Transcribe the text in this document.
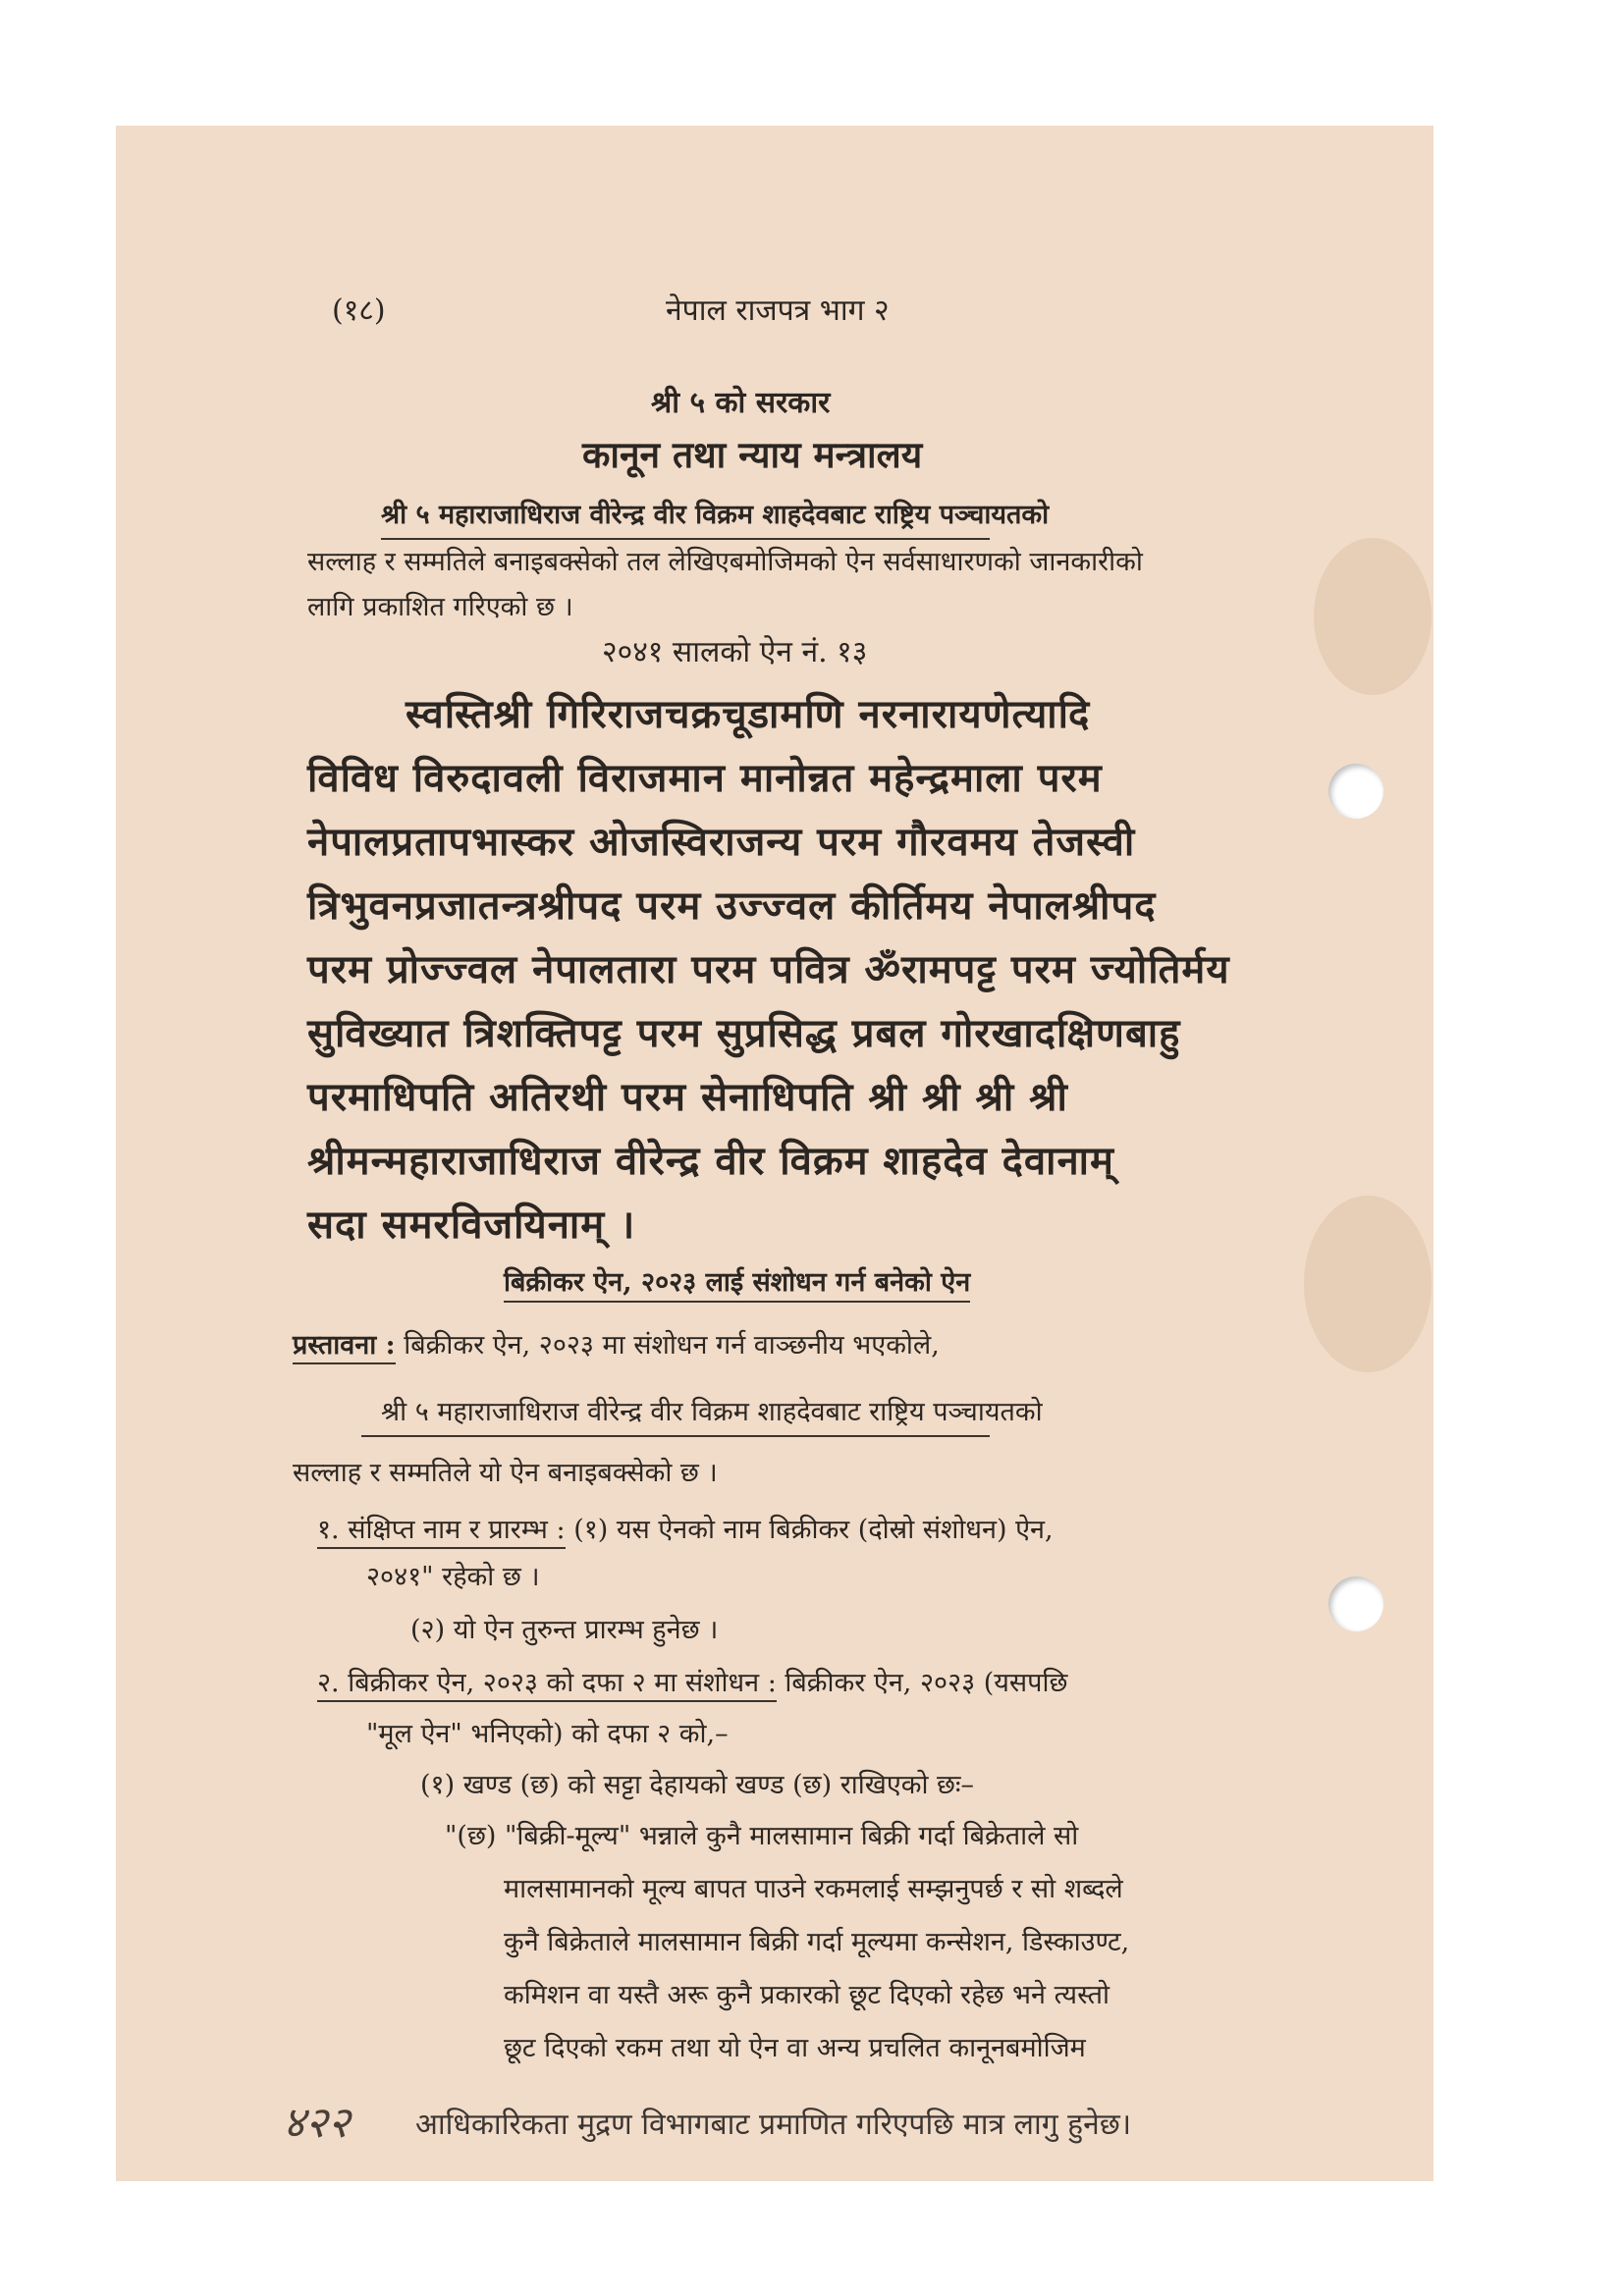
(१८)	नेपाल राजपत्र भाग २
श्री ५ को सरकार
कानून तथा न्याय मन्त्रालय
श्री ५ महाराजाधिराज वीरेन्द्र वीर विक्रम शाहदेवबाट राष्ट्रिय पञ्चायतको
सल्लाह र सम्मतिले बनाइबक्सेको तल लेखिएबमोजिमको ऐन सर्वसाधारणको जानकारीको
लागि प्रकाशित गरिएको छ ।
२०४१ सालको ऐन नं. १३
स्वस्तिश्री गिरिराजचक्रचूडामणि नरनारायणेत्यादि
विविध विरुदावली विराजमान मानोन्नत महेन्द्रमाला परम
नेपालप्रतापभास्कर ओजस्विराजन्य परम गौरवमय तेजस्वी
त्रिभुवनप्रजातन्त्रश्रीपद परम उज्ज्वल कीर्तिमय नेपालश्रीपद
परम प्रोज्ज्वल नेपालतारा परम पवित्र ॐरामपट्ट परम ज्योतिर्मय
सुविख्यात त्रिशक्तिपट्ट परम सुप्रसिद्ध प्रबल गोरखादक्षिणबाहु
परमाधिपति अतिरथी परम सेनाधिपति श्री श्री श्री श्री
श्रीमन्महाराजाधिराज वीरेन्द्र वीर विक्रम शाहदेव देवानाम्
सदा समरविजयिनाम् ।
बिक्रीकर ऐन, २०२३ लाई संशोधन गर्न बनेको ऐन
प्रस्तावना : बिक्रीकर ऐन, २०२३ मा संशोधन गर्न वाञ्छनीय भएकोले,
श्री ५ महाराजाधिराज वीरेन्द्र वीर विक्रम शाहदेवबाट राष्ट्रिय पञ्चायतको
सल्लाह र सम्मतिले यो ऐन बनाइबक्सेको छ ।
१. संक्षिप्त नाम र प्रारम्भ : (१) यस ऐनको नाम बिक्रीकर (दोस्रो संशोधन) ऐन,
२०४१" रहेको छ ।
(२) यो ऐन तुरुन्त प्रारम्भ हुनेछ ।
२. बिक्रीकर ऐन, २०२३ को दफा २ मा संशोधन : बिक्रीकर ऐन, २०२३ (यसपछि
"मूल ऐन" भनिएको) को दफा २ को,–
(१) खण्ड (छ) को सट्टा देहायको खण्ड (छ) राखिएको छः–
"(छ) "बिक्री-मूल्य" भन्नाले कुनै मालसामान बिक्री गर्दा बिक्रेताले सो
मालसामानको मूल्य बापत पाउने रकमलाई सम्झनुपर्छ र सो शब्दले
कुनै बिक्रेताले मालसामान बिक्री गर्दा मूल्यमा कन्सेशन, डिस्काउण्ट,
कमिशन वा यस्तै अरू कुनै प्रकारको छूट दिएको रहेछ भने त्यस्तो
छूट दिएको रकम तथा यो ऐन वा अन्य प्रचलित कानूनबमोजिम
४२२ आधिकारिकता मुद्रण विभागबाट प्रमाणित गरिएपछि मात्र लागु हुनेछ।
